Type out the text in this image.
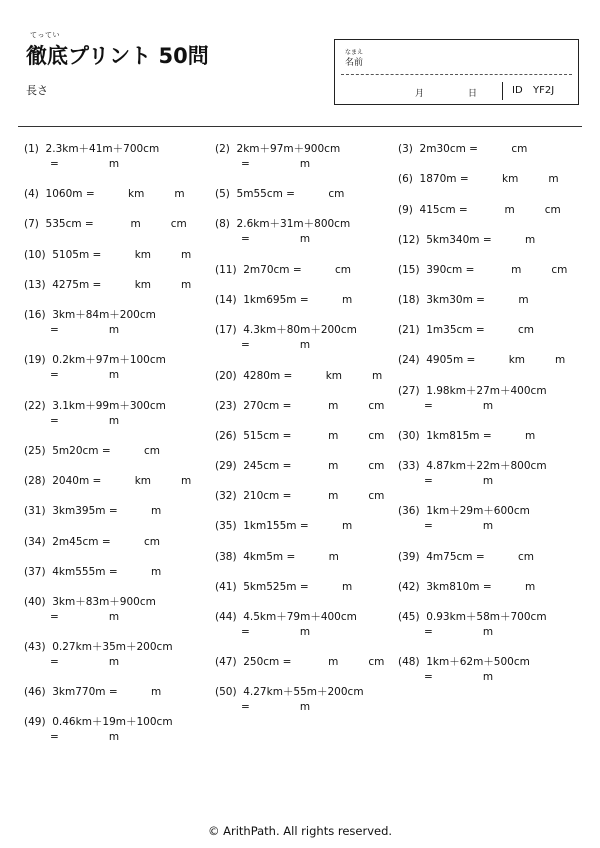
てってい
徹底プリント 50問
長さ
なまえ
名前
月	日	ID YF2J
(1)  2.3km＋41m＋700cm
=               m
(4)  1060m =          km         m
(7)  535cm =           m         cm
(10)  5105m =          km         m
(13)  4275m =          km         m
(16)  3km＋84m＋200cm
=               m
(19)  0.2km＋97m＋100cm
=               m
(22)  3.1km＋99m＋300cm
=               m
(25)  5m20cm =          cm
(28)  2040m =          km         m
(31)  3km395m =          m
(34)  2m45cm =          cm
(37)  4km555m =          m
(40)  3km＋83m＋900cm
=               m
(43)  0.27km＋35m＋200cm
=               m
(46)  3km770m =          m
(49)  0.46km＋19m＋100cm
=               m
(2)  2km＋97m＋900cm
=               m
(5)  5m55cm =          cm
(8)  2.6km＋31m＋800cm
=               m
(11)  2m70cm =          cm
(14)  1km695m =          m
(17)  4.3km＋80m＋200cm
=               m
(20)  4280m =          km         m
(23)  270cm =           m         cm
(26)  515cm =           m         cm
(29)  245cm =           m         cm
(32)  210cm =           m         cm
(35)  1km155m =          m
(38)  4km5m =          m
(41)  5km525m =          m
(44)  4.5km＋79m＋400cm
=               m
(47)  250cm =           m         cm
(50)  4.27km＋55m＋200cm
=               m
(3)  2m30cm =          cm
(6)  1870m =          km         m
(9)  415cm =           m         cm
(12)  5km340m =          m
(15)  390cm =           m         cm
(18)  3km30m =          m
(21)  1m35cm =          cm
(24)  4905m =          km         m
(27)  1.98km＋27m＋400cm
=               m
(30)  1km815m =          m
(33)  4.87km＋22m＋800cm
=               m
(36)  1km＋29m＋600cm
=               m
(39)  4m75cm =          cm
(42)  3km810m =          m
(45)  0.93km＋58m＋700cm
=               m
(48)  1km＋62m＋500cm
=               m
© ArithPath. All rights reserved.
